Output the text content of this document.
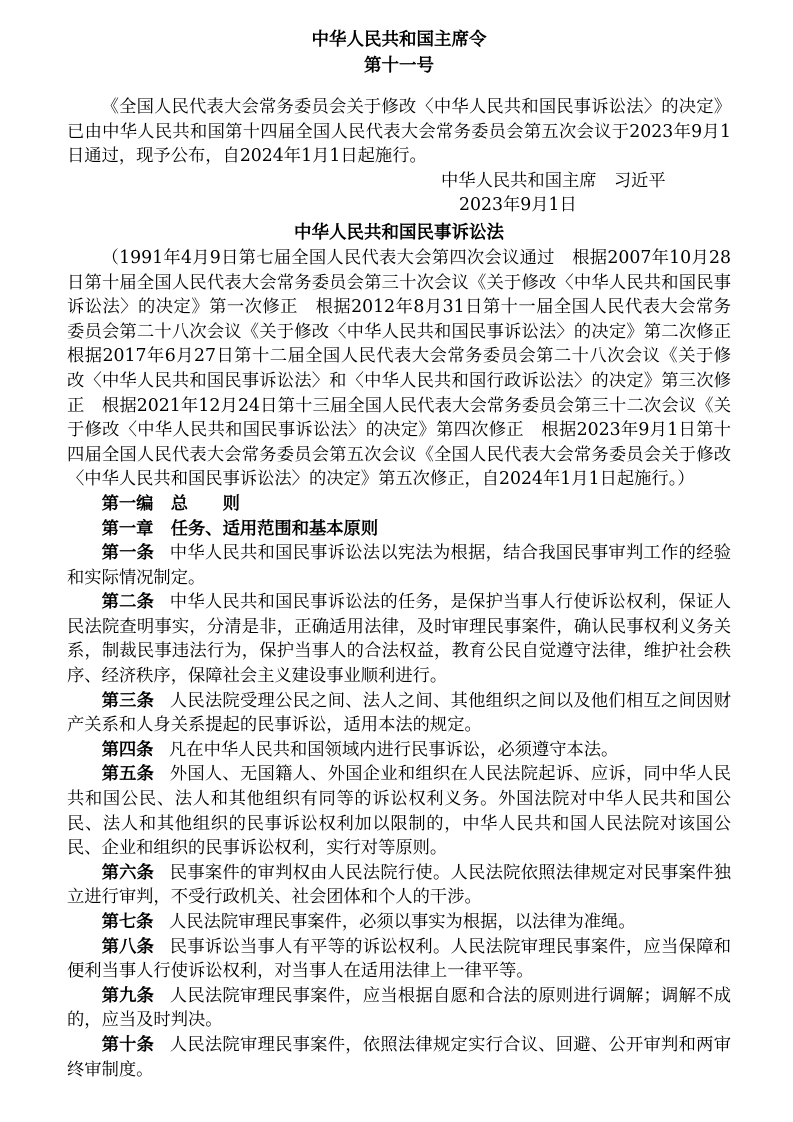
中华人民共和国主席令
第十一号

《全国人民代表大会常务委员会关于修改〈中华人民共和国民事诉讼法〉的决定》已由中华人民共和国第十四届全国人民代表大会常务委员会第五次会议于2023年9月1日通过，现予公布，自2024年1月1日起施行。

中华人民共和国主席　习近平
2023年9月1日
中华人民共和国民事诉讼法

（1991年4月9日第七届全国人民代表大会第四次会议通过　根据2007年10月28日第十届全国人民代表大会常务委员会第三十次会议《关于修改〈中华人民共和国民事诉讼法〉的决定》第一次修正　根据2012年8月31日第十一届全国人民代表大会常务委员会第二十八次会议《关于修改〈中华人民共和国民事诉讼法〉的决定》第二次修正　根据2017年6月27日第十二届全国人民代表大会常务委员会第二十八次会议《关于修改〈中华人民共和国民事诉讼法〉和〈中华人民共和国行政诉讼法〉的决定》第三次修正　根据2021年12月24日第十三届全国人民代表大会常务委员会第三十二次会议《关于修改〈中华人民共和国民事诉讼法〉的决定》第四次修正　根据2023年9月1日第十四届全国人民代表大会常务委员会第五次会议《全国人民代表大会常务委员会关于修改〈中华人民共和国民事诉讼法〉的决定》第五次修正，自2024年1月1日起施行。）

第一编　总　　则
第一章　任务、适用范围和基本原则

第一条 中华人民共和国民事诉讼法以宪法为根据，结合我国民事审判工作的经验和实际情况制定。

第二条 中华人民共和国民事诉讼法的任务，是保护当事人行使诉讼权利，保证人民法院查明事实，分清是非，正确适用法律，及时审理民事案件，确认民事权利义务关系，制裁民事违法行为，保护当事人的合法权益，教育公民自觉遵守法律，维护社会秩序、经济秩序，保障社会主义建设事业顺利进行。

第三条 人民法院受理公民之间、法人之间、其他组织之间以及他们相互之间因财产关系和人身关系提起的民事诉讼，适用本法的规定。

第四条 凡在中华人民共和国领域内进行民事诉讼，必须遵守本法。

第五条 外国人、无国籍人、外国企业和组织在人民法院起诉、应诉，同中华人民共和国公民、法人和其他组织有同等的诉讼权利义务。外国法院对中华人民共和国公民、法人和其他组织的民事诉讼权利加以限制的，中华人民共和国人民法院对该国公民、企业和组织的民事诉讼权利，实行对等原则。

第六条 民事案件的审判权由人民法院行使。人民法院依照法律规定对民事案件独立进行审判，不受行政机关、社会团体和个人的干涉。

第七条 人民法院审理民事案件，必须以事实为根据，以法律为准绳。

第八条 民事诉讼当事人有平等的诉讼权利。人民法院审理民事案件，应当保障和便利当事人行使诉讼权利，对当事人在适用法律上一律平等。

第九条 人民法院审理民事案件，应当根据自愿和合法的原则进行调解；调解不成的，应当及时判决。

第十条 人民法院审理民事案件，依照法律规定实行合议、回避、公开审判和两审终审制度。
